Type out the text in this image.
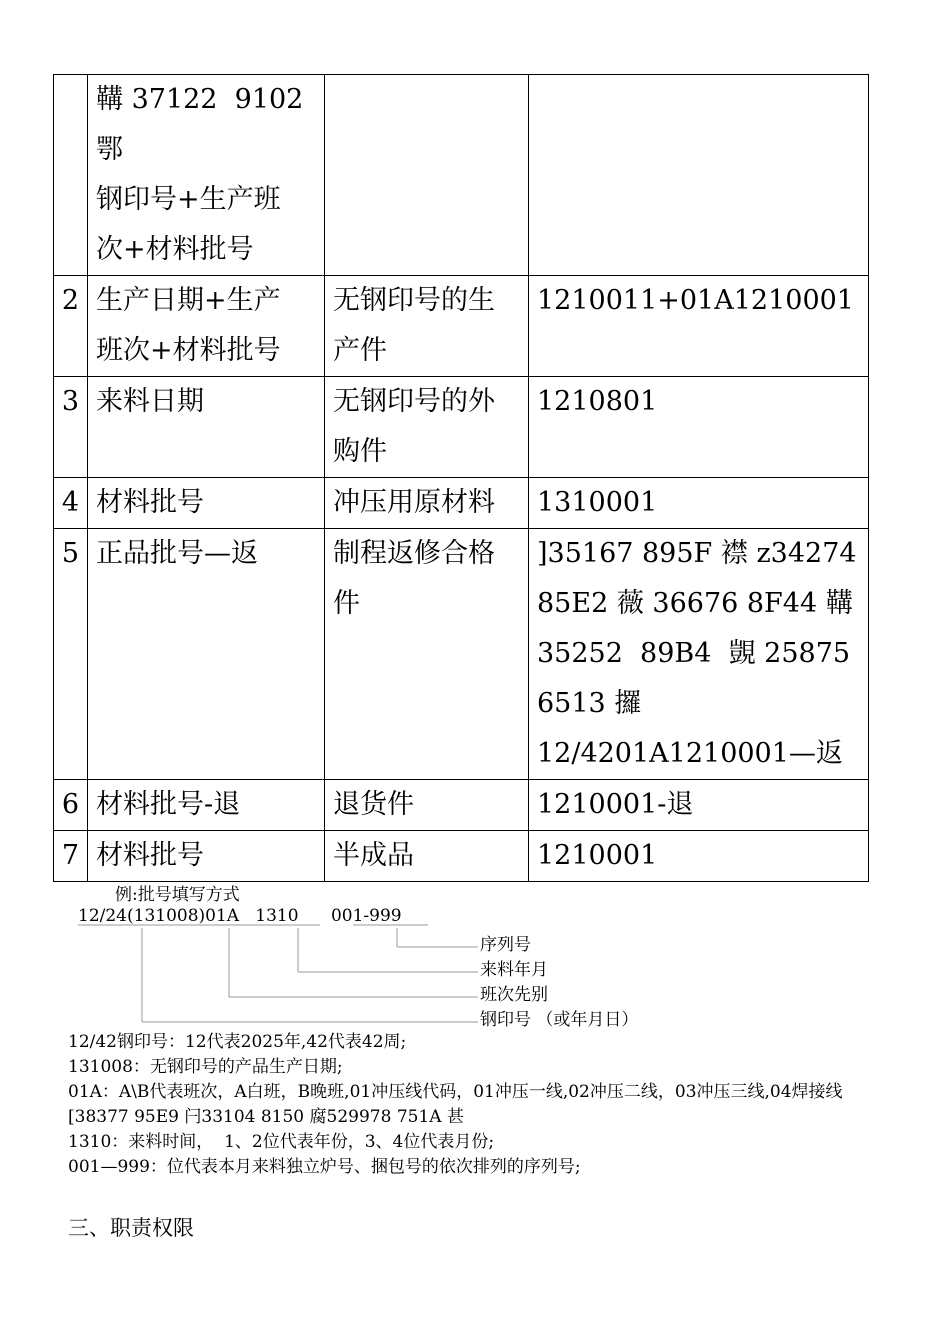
	鞲 37122  9102
鄂
钢印号+生产班
次+材料批号		

2	生产日期+生产
班次+材料批号	无钢印号的生
产件	1210011+01A1210001

3	来料日期	无钢印号的外
购件	1210801

4	材料批号	冲压用原材料	1310001

5	正品批号—返	制程返修合格
件	]35167 895F 襟 z34274
85E2 薇 36676 8F44 鞲
35252  89B4  覬 25875
6513 攞
12/4201A1210001—返

6	材料批号-退	退货件	1210001-退

7	材料批号	半成品	1210001
例:批号填写方式
12/24(131008)01A   1310      001-999
序列号
来料年月
班次先别
钢印号 （或年月日）
12/42钢印号：12代表2025年,42代表42周;
131008：无钢印号的产品生产日期;
01A：A\B代表班次，A白班，B晚班,01冲压线代码，01冲压一线,02冲压二线，03冲压三线,04焊接线
[38377 95E9 闩33104 8150 腐529978 751A 甚
1310：来料时间，  1、2位代表年份，3、4位代表月份;
001—999：位代表本月来料独立炉号、捆包号的依次排列的序列号;
三、职责权限
